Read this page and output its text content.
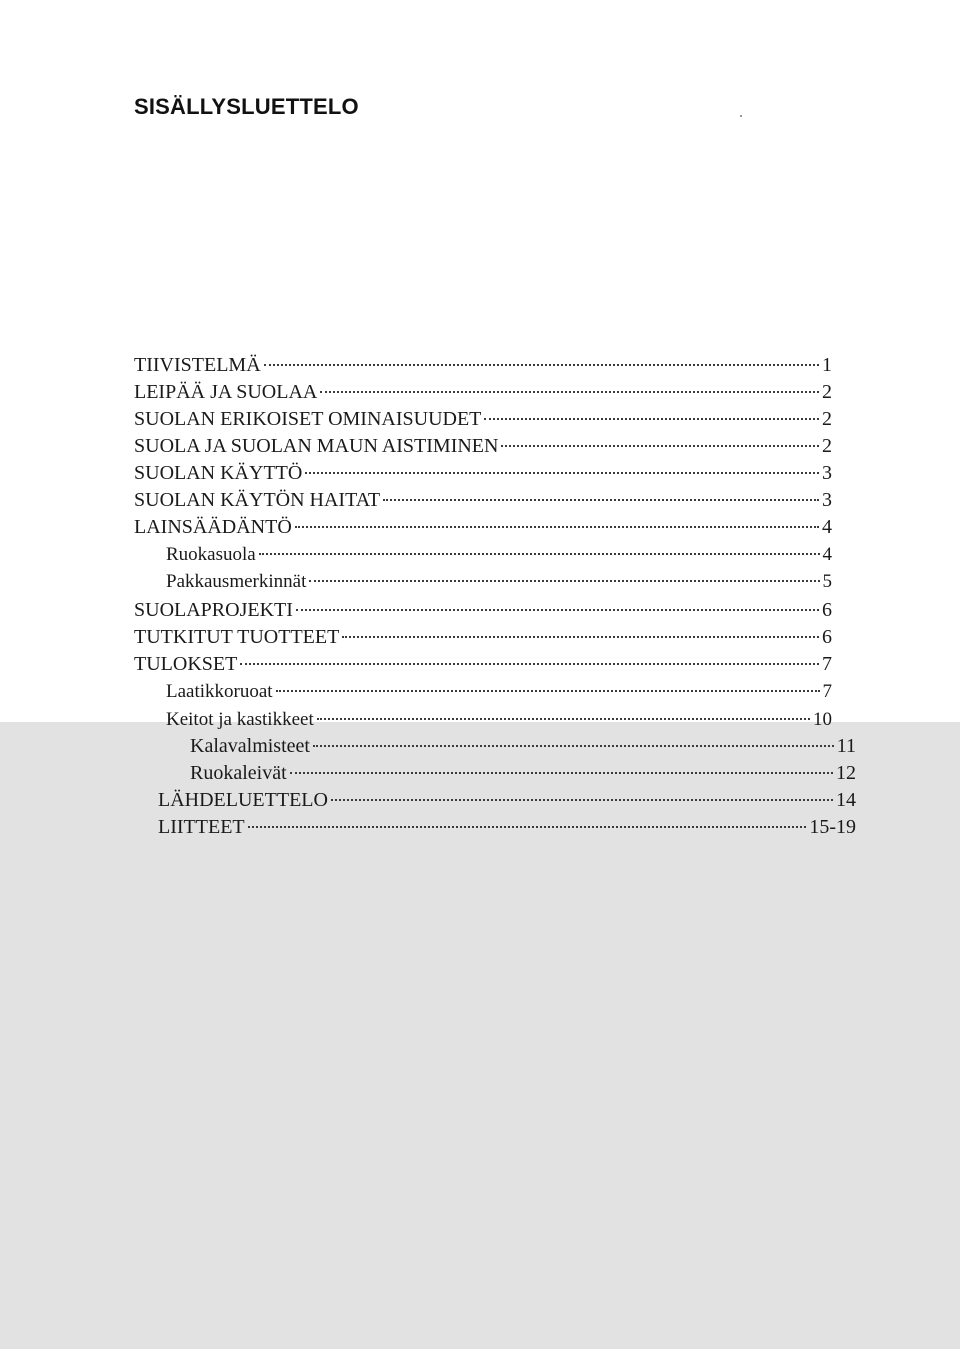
SISÄLLYSLUETTELO
TIIVISTELMÄ	1
LEIPÄÄ JA SUOLAA	2
SUOLAN ERIKOISET OMINAISUUDET	2
SUOLA JA SUOLAN MAUN AISTIMINEN	2
SUOLAN KÄYTTÖ	3
SUOLAN KÄYTÖN HAITAT	3
LAINSÄÄDÄNTÖ	4
Ruokasuola	4
Pakkausmerkinnät	5
SUOLAPROJEKTI	6
TUTKITUT TUOTTEET	6
TULOKSET	7
Laatikkoruoat	7
Keitot ja kastikkeet	10
Kalavalmisteet	11
Ruokaleivät	12
LÄHDELUETTELO	14
LIITTEET	15-19
